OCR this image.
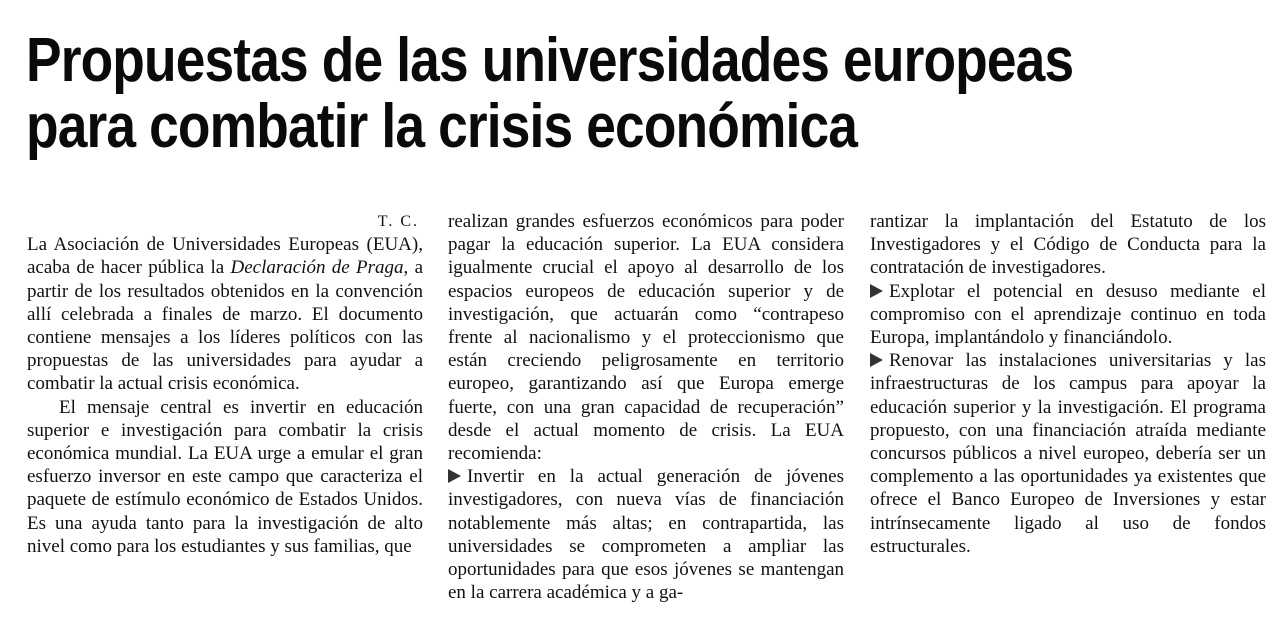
Propuestas de las universidades europeas
para combatir la crisis económica
T. C.

La Asociación de Universidades Europeas (EUA), acaba de hacer pública la Declaración de Praga, a partir de los resultados obtenidos en la convención allí celebrada a finales de marzo. El documento contiene mensajes a los líderes políticos con las propuestas de las universidades para ayudar a combatir la actual crisis económica.

El mensaje central es invertir en educación superior e investigación para combatir la crisis económica mundial. La EUA urge a emular el gran esfuerzo inversor en este campo que caracteriza el paquete de estímulo económico de Estados Unidos. Es una ayuda tanto para la investigación de alto nivel como para los estudiantes y sus familias, que

realizan grandes esfuerzos económicos para poder pagar la educación superior. La EUA considera igualmente crucial el apoyo al desarrollo de los espacios europeos de educación superior y de investigación, que actuarán como “contrapeso frente al nacionalismo y el proteccionismo que están creciendo peligrosamente en territorio europeo, garantizando así que Europa emerge fuerte, con una gran capacidad de recuperación” desde el actual momento de crisis. La EUA recomienda:

Invertir en la actual generación de jóvenes investigadores, con nueva vías de financiación notablemente más altas; en contrapartida, las universidades se comprometen a ampliar las oportunidades para que esos jóvenes se mantengan en la carrera académica y a ga-

rantizar la implantación del Estatuto de los Investigadores y el Código de Conducta para la contratación de investigadores.

Explotar el potencial en desuso mediante el compromiso con el aprendizaje continuo en toda Europa, implantándolo y financiándolo.

Renovar las instalaciones universitarias y las infraestructuras de los campus para apoyar la educación superior y la investigación. El programa propuesto, con una financiación atraída mediante concursos públicos a nivel europeo, debería ser un complemento a las oportunidades ya existentes que ofrece el Banco Europeo de Inversiones y estar intrínsecamente ligado al uso de fondos estructurales.
